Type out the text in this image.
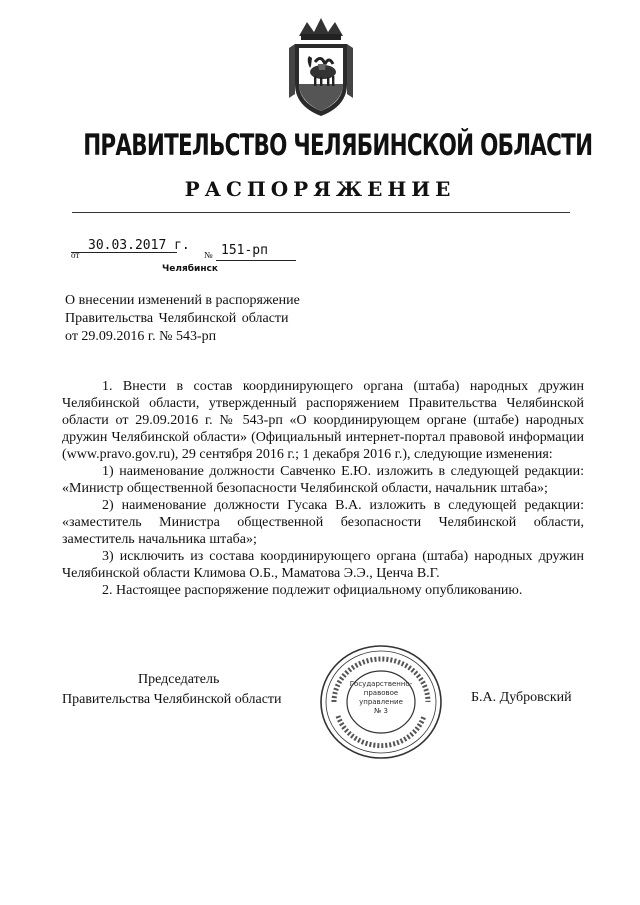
ПРАВИТЕЛЬСТВО ЧЕЛЯБИНСКОЙ ОБЛАСТИ
РАСПОРЯЖЕНИЕ
от
30.03.2017 г.
№ 151-рп
Челябинск
О внесении изменений в распоряжение
Правительства Челябинской области
от 29.09.2016 г. № 543-рп

1. Внести в состав координирующего органа (штаба) народных дружин Челябинской области, утвержденный распоряжением Правительства Челябинской области от 29.09.2016 г. № 543-рп «О координирующем органе (штабе) народных дружин Челябинской области» (Официальный интернет-портал правовой информации (www.pravo.gov.ru), 29 сентября 2016 г.; 1 декабря 2016 г.), следующие изменения:

1) наименование должности Савченко Е.Ю. изложить в следующей редакции: «Министр общественной безопасности Челябинской области, начальник штаба»;

2) наименование должности Гусака В.А. изложить в следующей редакции: «заместитель Министра общественной безопасности Челябинской области, заместитель начальника штаба»;

3) исключить из состава координирующего органа (штаба) народных дружин Челябинской области Климова О.Б., Маматова Э.Э., Ценча В.Г.

2. Настоящее распоряжение подлежит официальному опубликованию.

Председатель
Правительства Челябинской области
Государственно-
правовое
управление
№ 3
Б.А. Дубровский
